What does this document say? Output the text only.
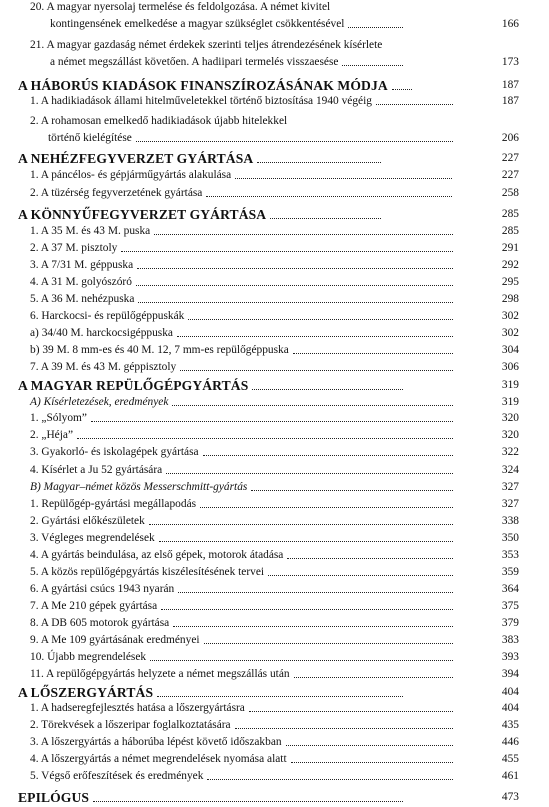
20. A magyar nyersolaj termelése és feldolgozása. A német kivitel
kontingensének emelkedése a magyar szükséglet csökkentésével	166
21. A magyar gazdaság német érdekek szerinti teljes átrendezésének kísérlete
a német megszállást követően. A hadiipari termelés visszaesése	173
A HÁBORÚS KIADÁSOK FINANSZÍROZÁSÁNAK MÓDJA	187
1. A hadikiadások állami hitelműveletekkel történő biztosítása 1940 végéig	187
2. A rohamosan emelkedő hadikiadások újabb hitelekkel
történő kielégítése	206
A NEHÉZFEGYVERZET GYÁRTÁSA	227
1. A páncélos- és gépjárműgyártás alakulása	227
2. A tüzérség fegyverzetének gyártása	258
A KÖNNYŰFEGYVERZET GYÁRTÁSA	285
1. A 35 M. és 43 M. puska	285
2. A 37 M. pisztoly	291
3. A 7/31 M. géppuska	292
4. A 31 M. golyószóró	295
5. A 36 M. nehézpuska	298
6. Harckocsi- és repülőgéppuskák	302
a) 34/40 M. harckocsigéppuska	302
b) 39 M. 8 mm-es és 40 M. 12, 7 mm-es repülőgéppuska	304
7. A 39 M. és 43 M. géppisztoly	306
A MAGYAR REPÜLŐGÉPGYÁRTÁS	319
A) Kísérletezések, eredmények	319
1. „Sólyom”	320
2. „Héja”	320
3. Gyakorló- és iskolagépek gyártása	322
4. Kísérlet a Ju 52 gyártására	324
B) Magyar–német közös Messerschmitt-gyártás	327
1. Repülőgép-gyártási megállapodás	327
2. Gyártási előkészületek	338
3. Végleges megrendelések	350
4. A gyártás beindulása, az első gépek, motorok átadása	353
5. A közös repülőgépgyártás kiszélesítésének tervei	359
6. A gyártási csúcs 1943 nyarán	364
7. A Me 210 gépek gyártása	375
8. A DB 605 motorok gyártása	379
9. A Me 109 gyártásának eredményei	383
10. Újabb megrendelések	393
11. A repülőgépgyártás helyzete a német megszállás után	394
A LŐSZERGYÁRTÁS	404
1. A hadseregfejlesztés hatása a lőszergyártásra	404
2. Törekvések a lőszeripar foglalkoztatására	435
3. A lőszergyártás a háborúba lépést követő időszakban	446
4. A lőszergyártás a német megrendelések nyomása alatt	455
5. Végső erőfeszítések és eredmények	461
EPILÓGUS	473
